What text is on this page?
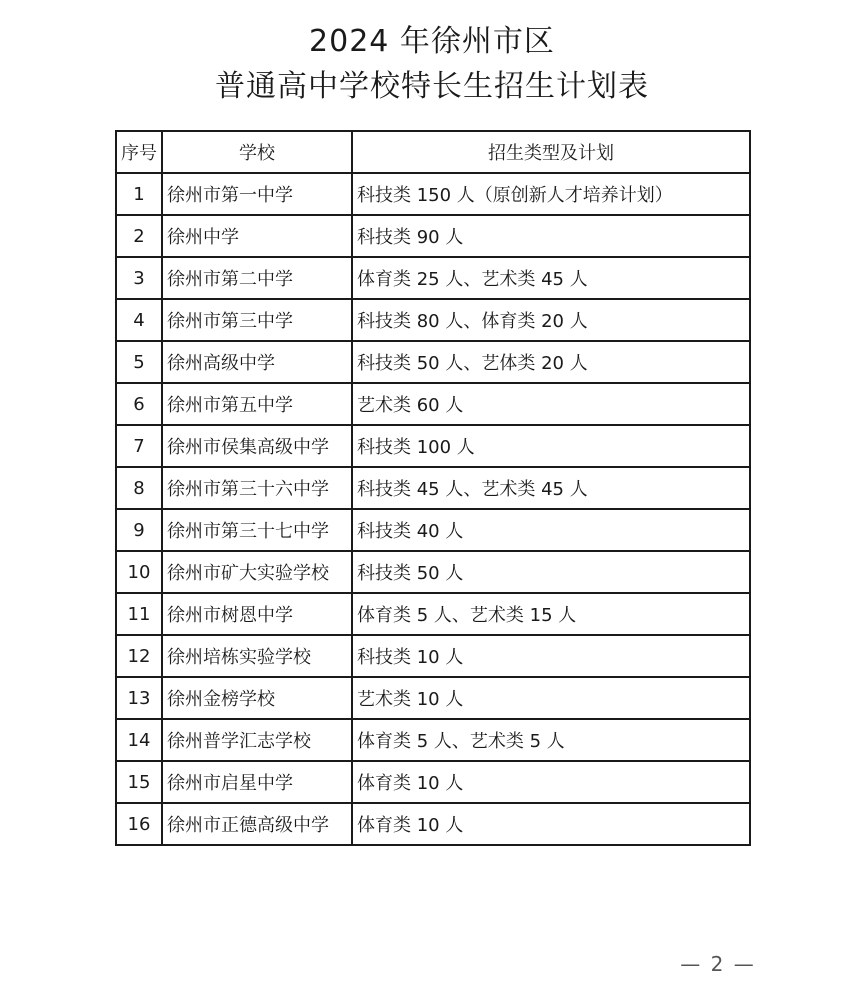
2024 年徐州市区
普通高中学校特长生招生计划表
序号	学校	招生类型及计划
1	徐州市第一中学	科技类 150 人（原创新人才培养计划）
2	徐州中学	科技类 90 人
3	徐州市第二中学	体育类 25 人、艺术类 45 人
4	徐州市第三中学	科技类 80 人、体育类 20 人
5	徐州高级中学	科技类 50 人、艺体类 20 人
6	徐州市第五中学	艺术类 60 人
7	徐州市侯集高级中学	科技类 100 人
8	徐州市第三十六中学	科技类 45 人、艺术类 45 人
9	徐州市第三十七中学	科技类 40 人
10	徐州市矿大实验学校	科技类 50 人
11	徐州市树恩中学	体育类 5 人、艺术类 15 人
12	徐州培栋实验学校	科技类 10 人
13	徐州金榜学校	艺术类 10 人
14	徐州普学汇志学校	体育类 5 人、艺术类 5 人
15	徐州市启星中学	体育类 10 人
16	徐州市正德高级中学	体育类 10 人
— 2 —
